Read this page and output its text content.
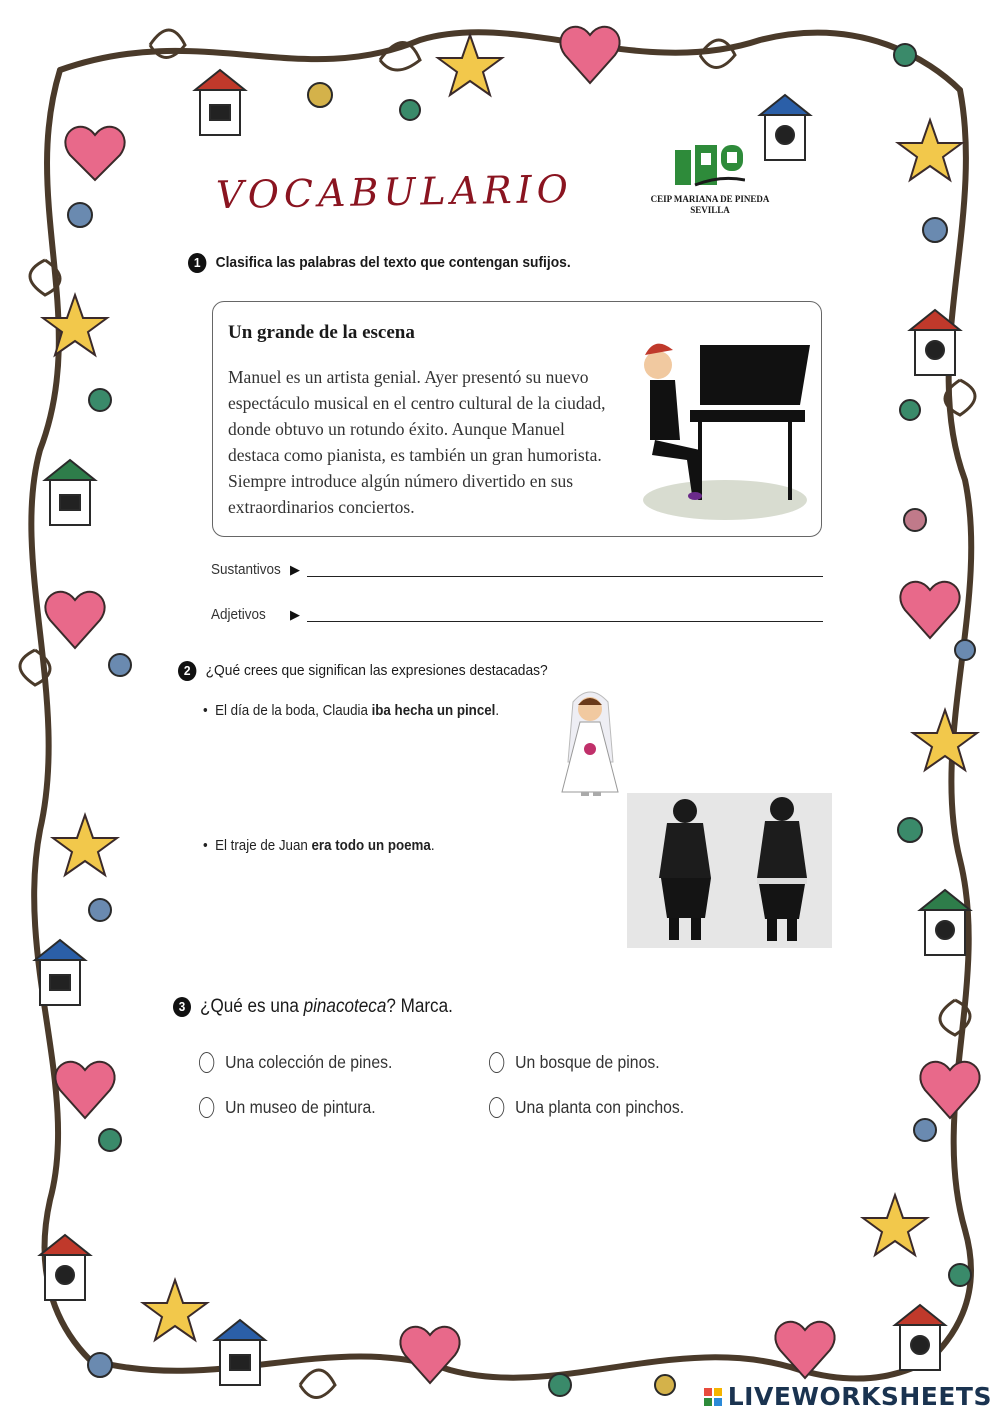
VOCABULARIO	CEIP MARIANA DE PINEDA
SEVILLA
1 Clasifica las palabras del texto que contengan sufijos.
Un grande de la escena

Manuel es un artista genial. Ayer presentó su nuevo

espectáculo musical en el centro cultural de la ciudad,

donde obtuvo un rotundo éxito. Aunque Manuel

destaca como pianista, es también un gran humorista.

Siempre introduce algún número divertido en sus

extraordinarios conciertos.

Sustantivos ▶
Adjetivos ▶
2 ¿Qué crees que significan las expresiones destacadas?
•  El día de la boda, Claudia iba hecha un pincel.
•  El traje de Juan era todo un poema.
3 ¿Qué es una pinacoteca? Marca.
Una colección de pines.	Un bosque de pinos.
Un museo de pintura.	Una planta con pinchos.
LIVEWORKSHEETS
